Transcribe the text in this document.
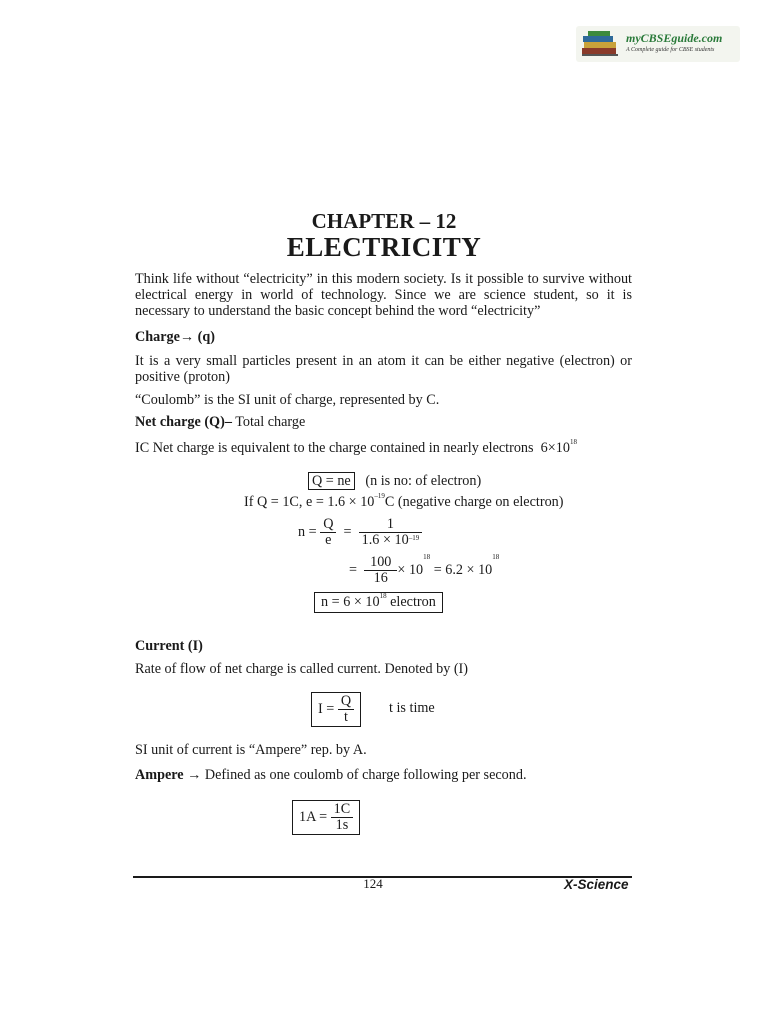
myCBSEguide.com
A Complete guide for CBSE students
CHAPTER – 12
ELECTRICITY
Think life without “electricity” in this modern society. Is it possible to survive without electrical energy in world of technology. Since we are science student, so it is necessary to understand the basic concept behind the word “electricity”
Charge→ (q)
It is a very small particles present in an atom it can be either negative (electron) or positive (proton)
“Coulomb” is the SI unit of charge, represented by C.
Net charge (Q)– Total charge
IC Net charge is equivalent to the charge contained in nearly electrons $6\times 10^{18}$
Q = ne (n is no: of electron)
If Q = 1C, $e = 1.6 \times 10^{-19}C$ (negative charge on electron)
$n = \frac{Q}{e} = \frac{1}{1.6 \times 10^{-19}}$
= $\frac{100}{16} \times 10^{18} = 6.2 \times 10^{18}$
$n = 6 \times 10^{18}$ electron
Current (I)
Rate of flow of net charge is called current. Denoted by (I)
$I = \frac{Q}{t}$ t is time
SI unit of current is “Ampere” rep. by A.
Ampere → Defined as one coulomb of charge following per second.
$1A = \frac{1C}{1s}$
124	X-Science
